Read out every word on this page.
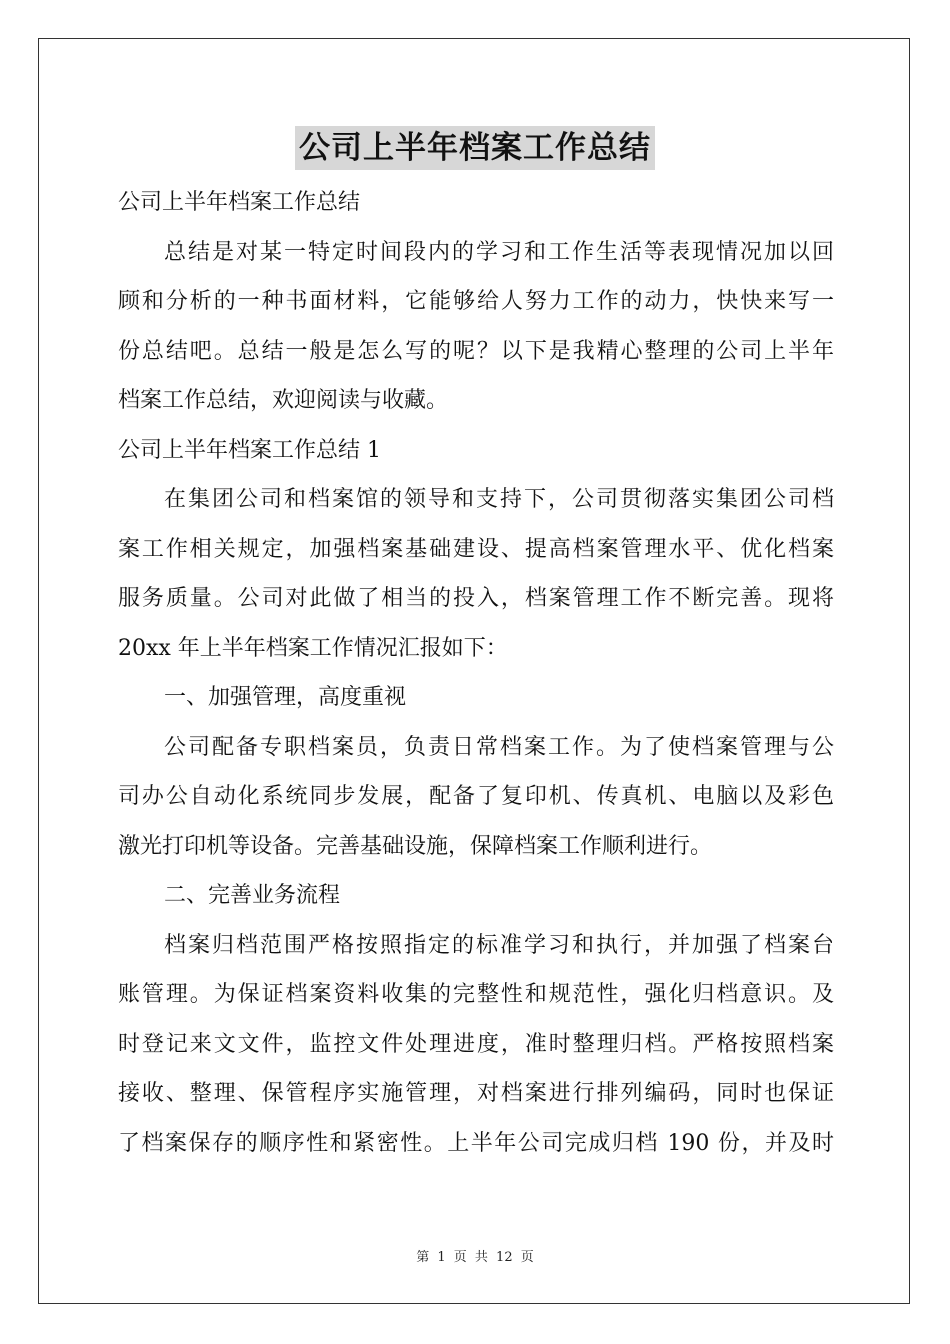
公司上半年档案工作总结
公司上半年档案工作总结
总结是对某一特定时间段内的学习和工作生活等表现情况加以回
顾和分析的一种书面材料，它能够给人努力工作的动力，快快来写一
份总结吧。总结一般是怎么写的呢？以下是我精心整理的公司上半年
档案工作总结，欢迎阅读与收藏。
公司上半年档案工作总结 1
在集团公司和档案馆的领导和支持下，公司贯彻落实集团公司档
案工作相关规定，加强档案基础建设、提高档案管理水平、优化档案
服务质量。公司对此做了相当的投入，档案管理工作不断完善。现将
20xx 年上半年档案工作情况汇报如下：
一、加强管理，高度重视
公司配备专职档案员，负责日常档案工作。为了使档案管理与公
司办公自动化系统同步发展，配备了复印机、传真机、电脑以及彩色
激光打印机等设备。完善基础设施，保障档案工作顺利进行。
二、完善业务流程
档案归档范围严格按照指定的标准学习和执行，并加强了档案台
账管理。为保证档案资料收集的完整性和规范性，强化归档意识。及
时登记来文文件，监控文件处理进度，准时整理归档。严格按照档案
接收、整理、保管程序实施管理，对档案进行排列编码，同时也保证
了档案保存的顺序性和紧密性。上半年公司完成归档 190 份，并及时
第 1 页 共 12 页
